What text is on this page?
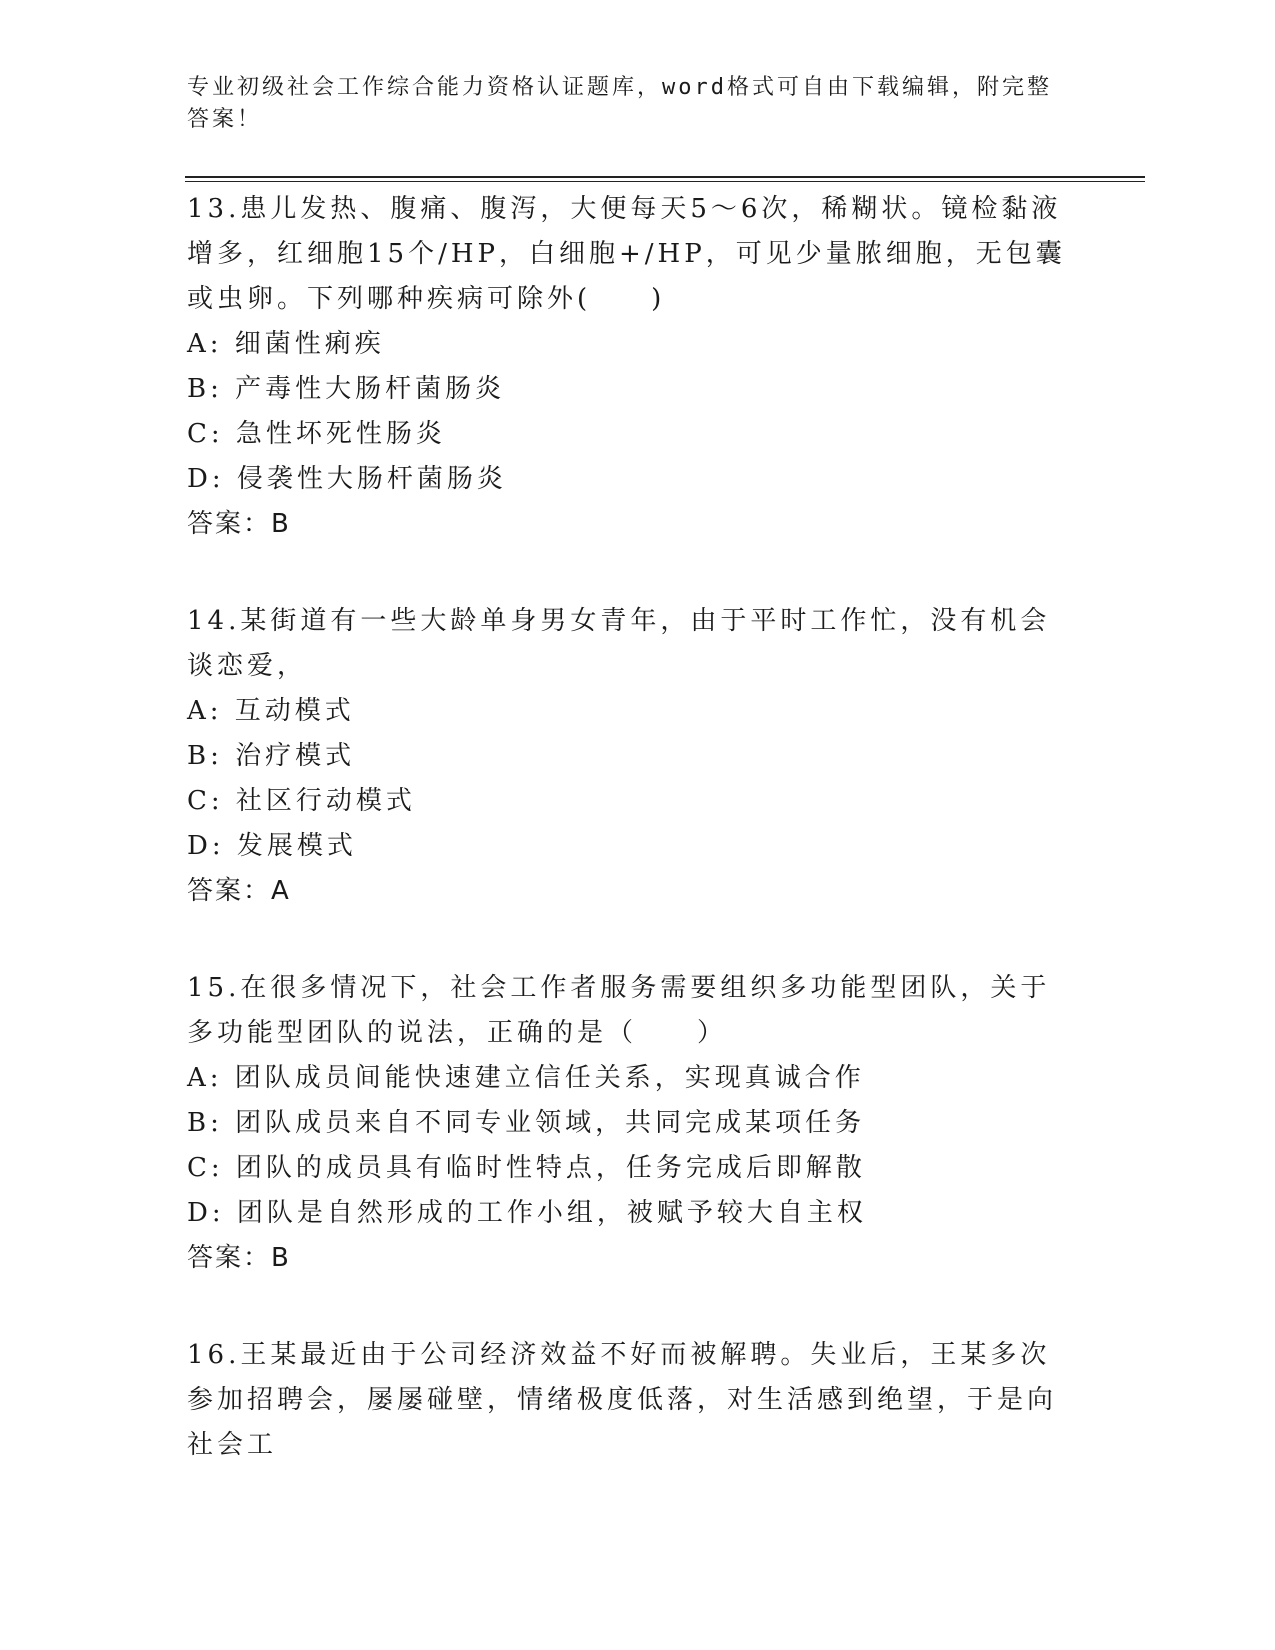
专业初级社会工作综合能力资格认证题库，word格式可自由下载编辑，附完整答案！

13.患儿发热、腹痛、腹泻，大便每天5～6次，稀糊状。镜检黏液增多，红细胞15个/HP，白细胞+/HP，可见少量脓细胞，无包囊或虫卵。下列哪种疾病可除外(　　)

A: 细菌性痢疾

B: 产毒性大肠杆菌肠炎

C: 急性坏死性肠炎

D: 侵袭性大肠杆菌肠炎

答案：B

14.某街道有一些大龄单身男女青年，由于平时工作忙，没有机会谈恋爱，

A: 互动模式

B: 治疗模式

C: 社区行动模式

D: 发展模式

答案：A

15.在很多情况下，社会工作者服务需要组织多功能型团队，关于多功能型团队的说法，正确的是（　　）

A: 团队成员间能快速建立信任关系，实现真诚合作

B: 团队成员来自不同专业领域，共同完成某项任务

C: 团队的成员具有临时性特点，任务完成后即解散

D: 团队是自然形成的工作小组，被赋予较大自主权

答案：B

16.王某最近由于公司经济效益不好而被解聘。失业后，王某多次参加招聘会，屡屡碰壁，情绪极度低落，对生活感到绝望，于是向社会工
